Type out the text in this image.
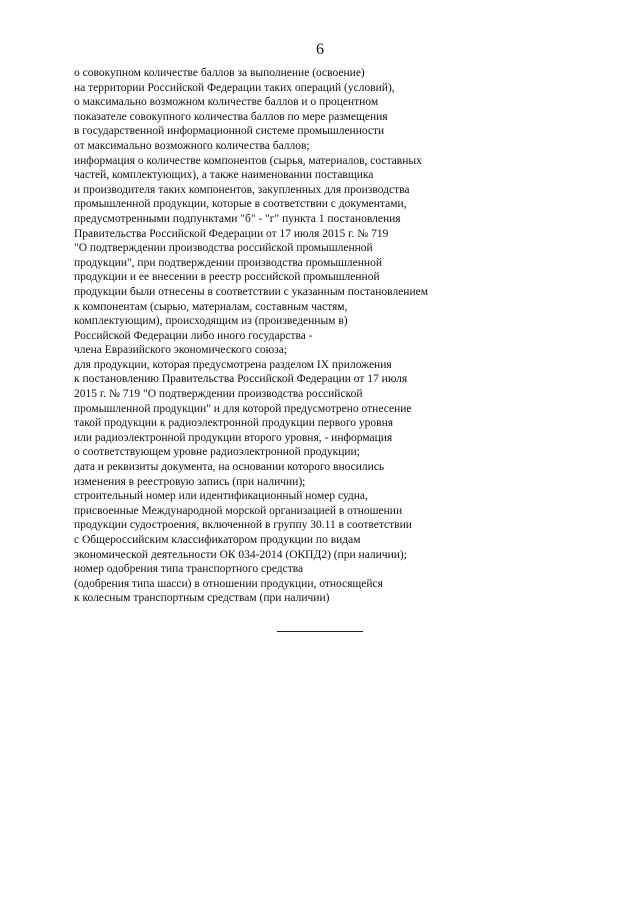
6
о совокупном количестве баллов за выполнение (освоение)
на территории Российской Федерации таких операций (условий),
о максимально возможном количестве баллов и о процентном
показателе совокупного количества баллов по мере размещения
в государственной информационной системе промышленности
от максимально возможного количества баллов;
информация о количестве компонентов (сырья, материалов, составных
частей, комплектующих), а также наименовании поставщика
и производителя таких компонентов, закупленных для производства
промышленной продукции, которые в соответствии с документами,
предусмотренными подпунктами "б" - "г" пункта 1 постановления
Правительства Российской Федерации от 17 июля 2015 г. № 719
"О подтверждении производства российской промышленной
продукции", при подтверждении производства промышленной
продукции и ее внесении в реестр российской промышленной
продукции были отнесены в соответствии с указанным постановлением
к компонентам (сырью, материалам, составным частям,
комплектующим), происходящим из (произведенным в)
Российской Федерации либо иного государства -
члена Евразийского экономического союза;
для продукции, которая предусмотрена разделом IX приложения
к постановлению Правительства Российской Федерации от 17 июля
2015 г. № 719 "О подтверждении производства российской
промышленной продукции" и для которой предусмотрено отнесение
такой продукции к радиоэлектронной продукции первого уровня
или радиоэлектронной продукции второго уровня, - информация
о соответствующем уровне радиоэлектронной продукции;
дата и реквизиты документа, на основании которого вносились
изменения в реестровую запись (при наличии);
строительный номер или идентификационный номер судна,
присвоенные Международной морской организацией в отношении
продукции судостроения, включенной в группу 30.11 в соответствии
с Общероссийским классификатором продукции по видам
экономической деятельности ОК 034-2014 (ОКПД2) (при наличии);
номер одобрения типа транспортного средства
(одобрения типа шасси) в отношении продукции, относящейся
к колесным транспортным средствам (при наличии)
